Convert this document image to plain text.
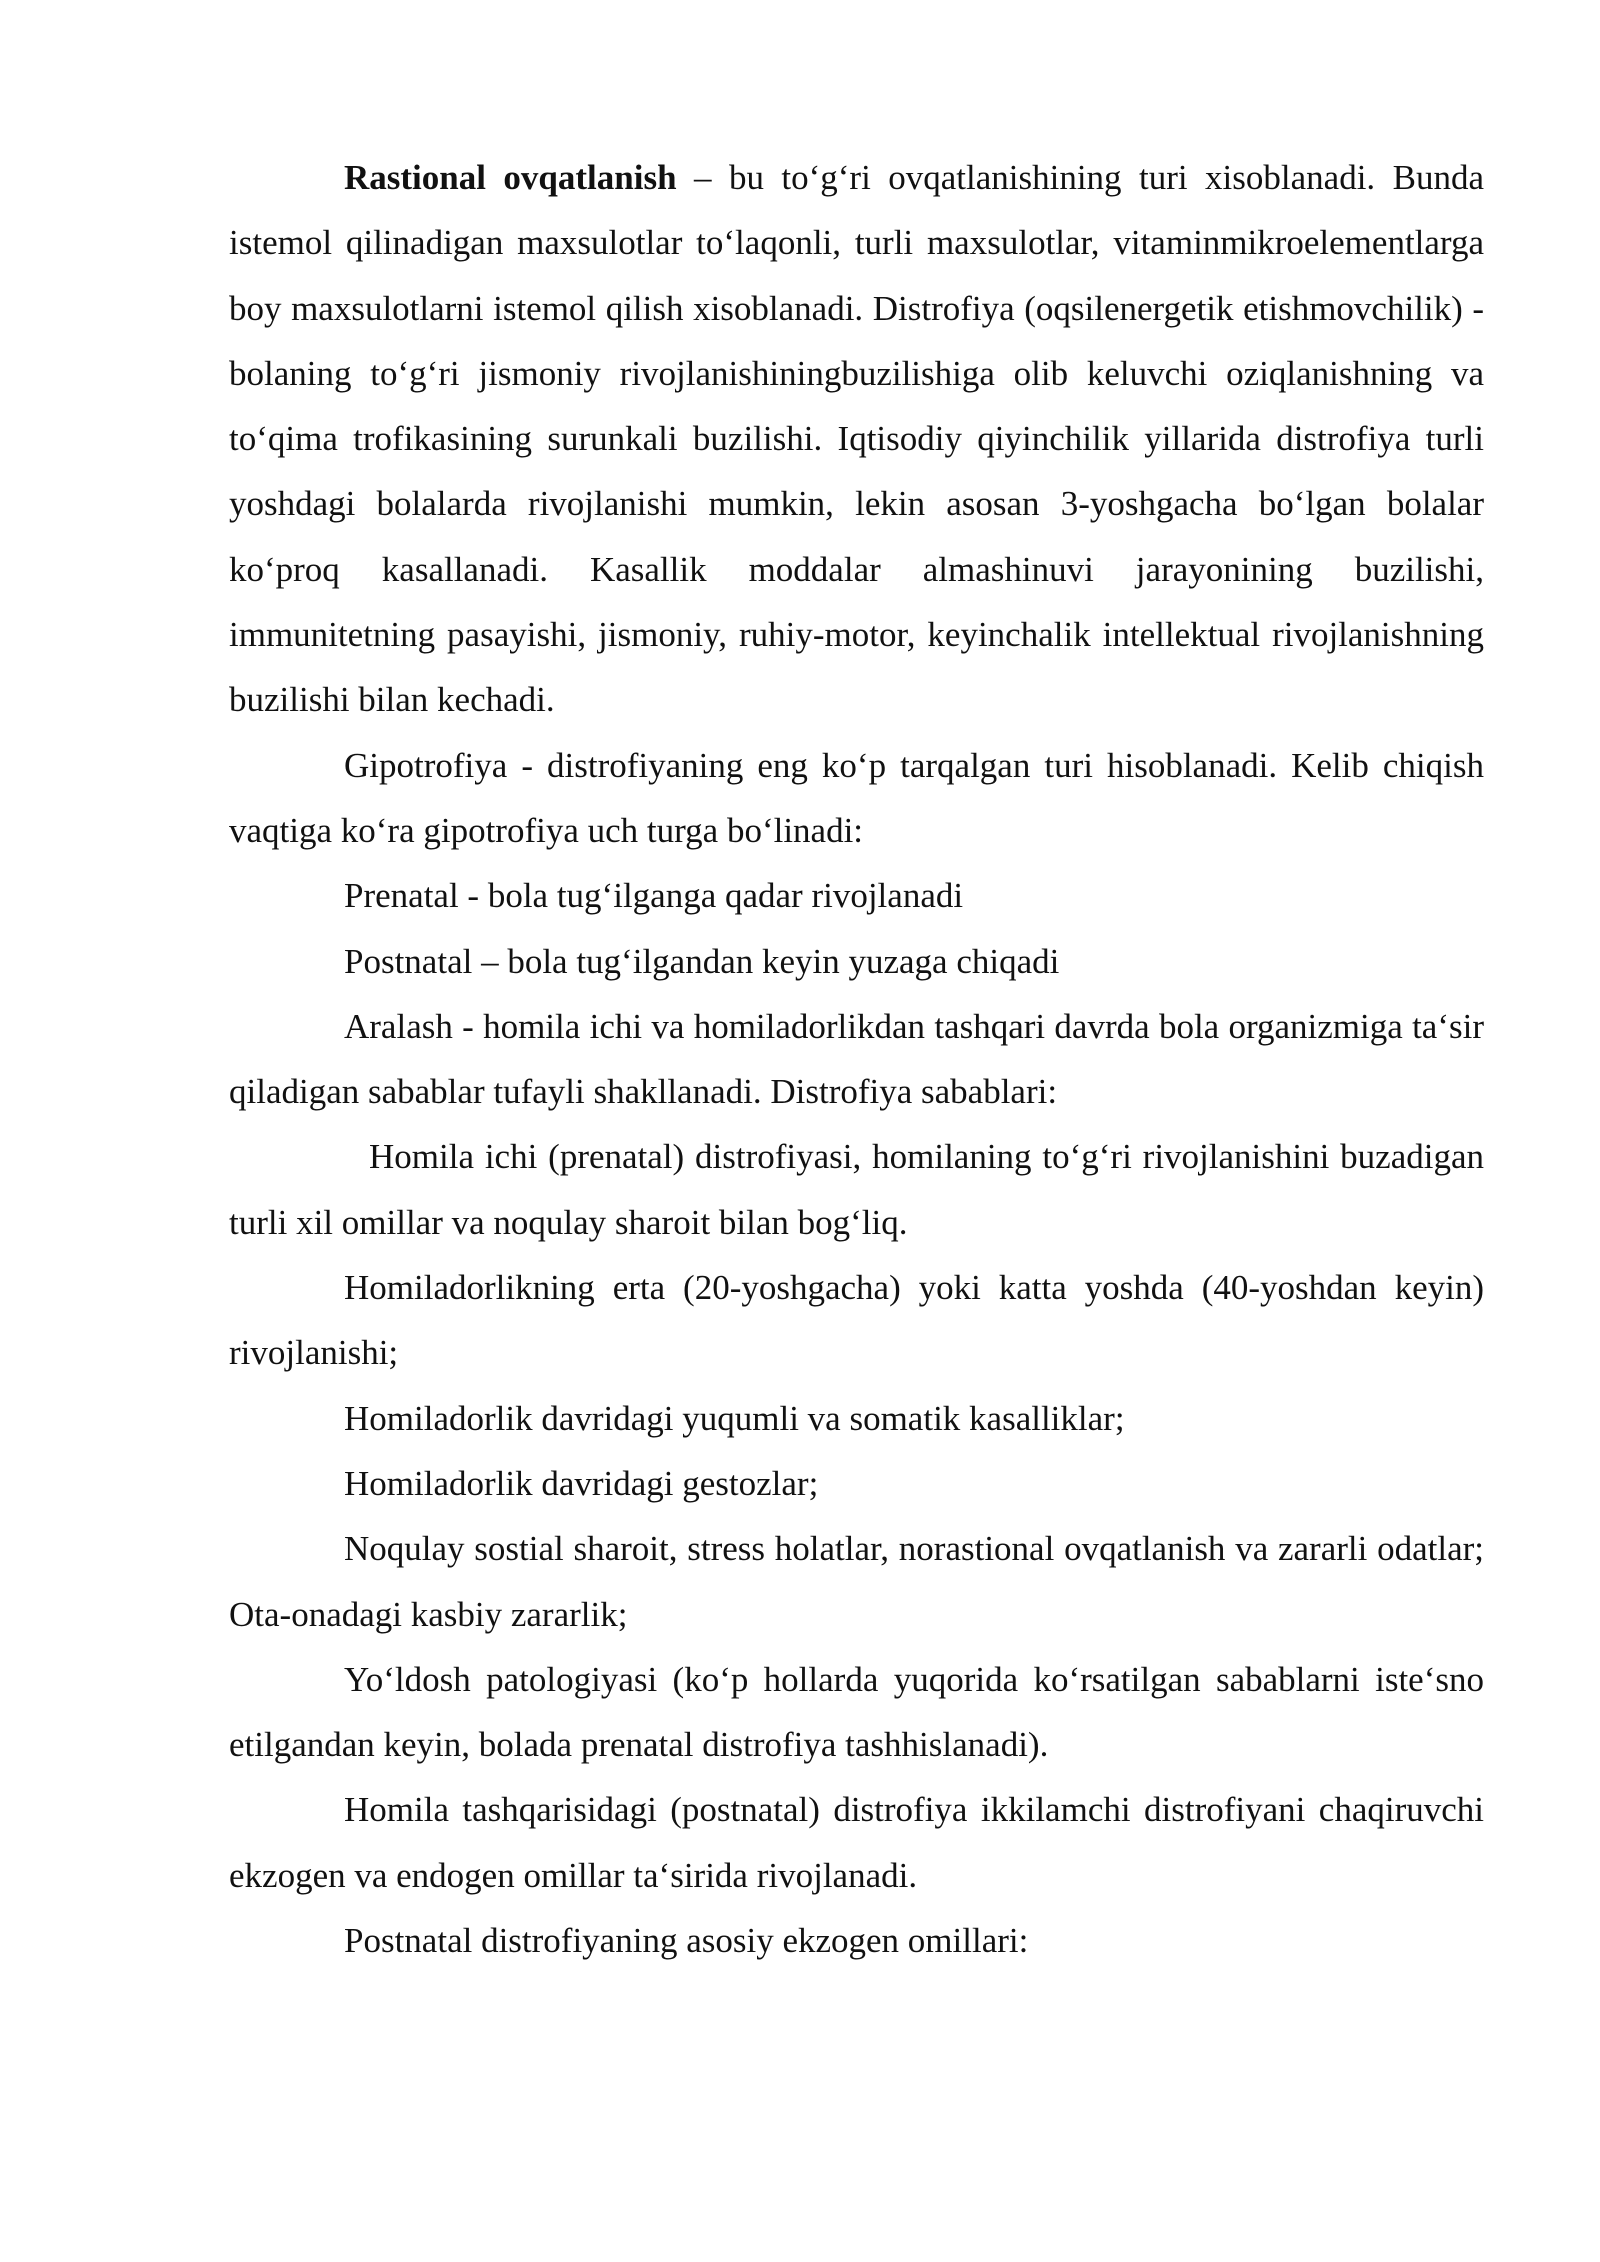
Rastional ovqatlanish – bu to‘g‘ri ovqatlanishining turi xisoblanadi. Bunda istemol qilinadigan maxsulotlar to‘laqonli, turli maxsulotlar, vitaminmikroelementlarga boy maxsulotlarni istemol qilish xisoblanadi. Distrofiya (oqsilenergetik etishmovchilik) - bolaning to‘g‘ri jismoniy rivojlanishiningbuzilishiga olib keluvchi oziqlanishning va to‘qima trofikasining surunkali buzilishi. Iqtisodiy qiyinchilik yillarida distrofiya turli yoshdagi bolalarda rivojlanishi mumkin, lekin asosan 3-yoshgacha bo‘lgan bolalar ko‘proq kasallanadi. Kasallik moddalar almashinuvi jarayonining buzilishi, immunitetning pasayishi, jismoniy, ruhiy-motor, keyinchalik intellektual rivojlanishning buzilishi bilan kechadi.

Gipotrofiya - distrofiyaning eng ko‘p tarqalgan turi hisoblanadi. Kelib chiqish vaqtiga ko‘ra gipotrofiya uch turga bo‘linadi:

Prenatal - bola tug‘ilganga qadar rivojlanadi

Postnatal – bola tug‘ilgandan keyin yuzaga chiqadi

Aralash - homila ichi va homiladorlikdan tashqari davrda bola organizmiga ta‘sir qiladigan sabablar tufayli shakllanadi. Distrofiya sabablari:

Homila ichi (prenatal) distrofiyasi, homilaning to‘g‘ri rivojlanishini buzadigan turli xil omillar va noqulay sharoit bilan bog‘liq.

Homiladorlikning erta (20-yoshgacha) yoki katta yoshda (40-yoshdan keyin) rivojlanishi;

Homiladorlik davridagi yuqumli va somatik kasalliklar;

Homiladorlik davridagi gestozlar;

Noqulay sostial sharoit, stress holatlar, norastional ovqatlanish va zararli odatlar; Ota-onadagi kasbiy zararlik;

Yo‘ldosh patologiyasi (ko‘p hollarda yuqorida ko‘rsatilgan sabablarni iste‘sno etilgandan keyin, bolada prenatal distrofiya tashhislanadi).

Homila tashqarisidagi (postnatal) distrofiya ikkilamchi distrofiyani chaqiruvchi ekzogen va endogen omillar ta‘sirida rivojlanadi.

Postnatal distrofiyaning asosiy ekzogen omillari:
